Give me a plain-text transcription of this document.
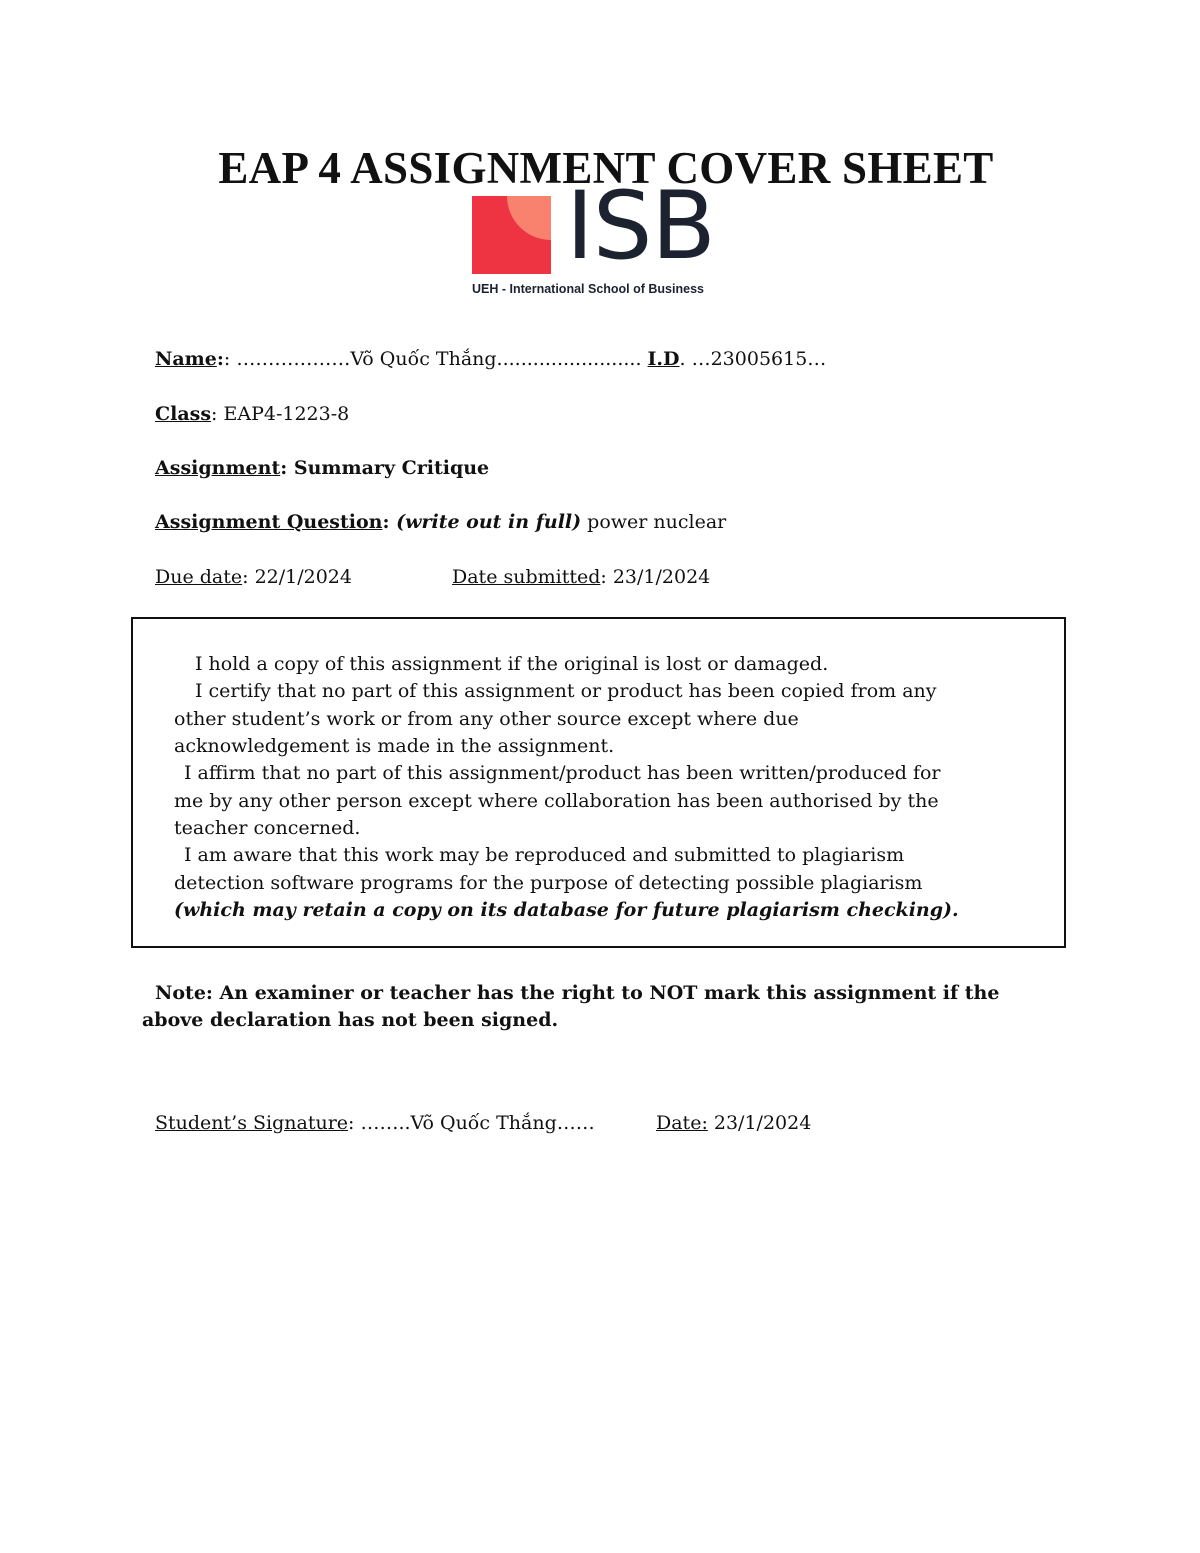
EAP 4 ASSIGNMENT COVER SHEET
ISB
UEH - International School of Business
Name:: ………………Võ Quốc Thắng........................ I.D. …23005615…
Class: EAP4-1223-8
Assignment: Summary Critique
Assignment Question: (write out in full) power nuclear
Due date: 22/1/2024	Date submitted: 23/1/2024
I hold a copy of this assignment if the original is lost or damaged.
I certify that no part of this assignment or product has been copied from any
other student’s work or from any other source except where due
acknowledgement is made in the assignment.
I affirm that no part of this assignment/product has been written/produced for
me by any other person except where collaboration has been authorised by the
teacher concerned.
I am aware that this work may be reproduced and submitted to plagiarism
detection software programs for the purpose of detecting possible plagiarism
(which may retain a copy on its database for future plagiarism checking).
Note: An examiner or teacher has the right to NOT mark this assignment if the above declaration has not been signed.
Student’s Signature: ……..Võ Quốc Thắng……	Date: 23/1/2024
